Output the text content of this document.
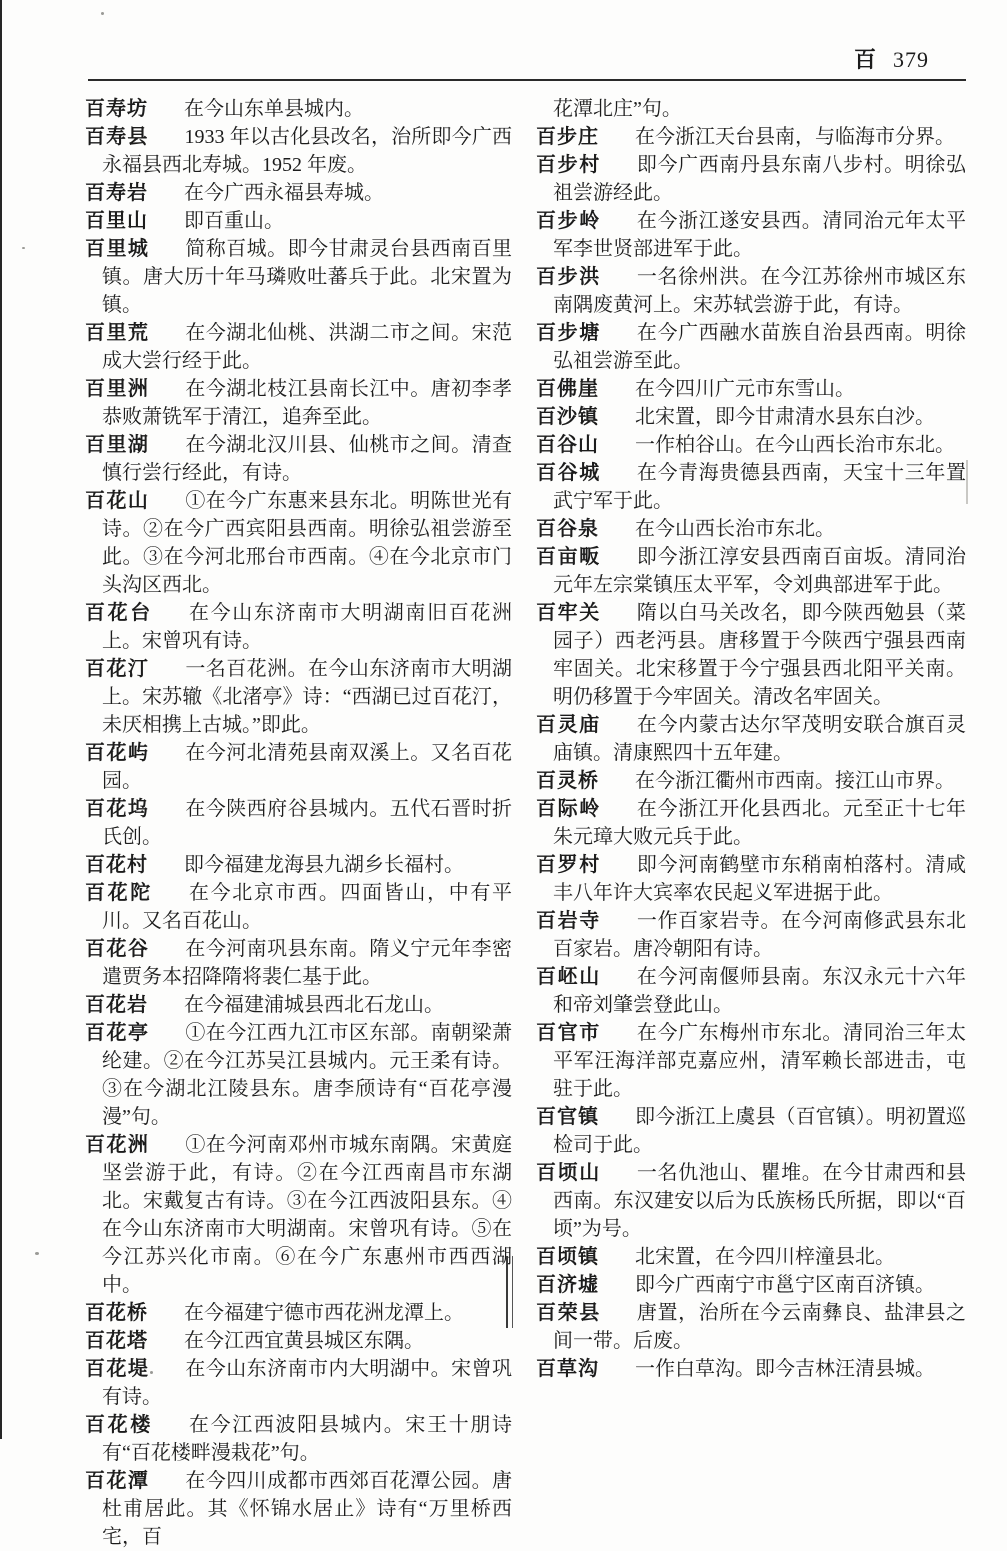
百 379

百寿坊 在今山东单县城内。

百寿县 1933 年以古化县改名，治所即今广西永福县西北寿城。1952 年废。

百寿岩 在今广西永福县寿城。

百里山 即百重山。

百里城 简称百城。即今甘肃灵台县西南百里镇。唐大历十年马璘败吐蕃兵于此。北宋置为镇。

百里荒 在今湖北仙桃、洪湖二市之间。宋范成大尝行经于此。

百里洲 在今湖北枝江县南长江中。唐初李孝恭败萧铣军于清江，追奔至此。

百里湖 在今湖北汉川县、仙桃市之间。清查慎行尝行经此，有诗。

百花山 ①在今广东惠来县东北。明陈世光有诗。②在今广西宾阳县西南。明徐弘祖尝游至此。③在今河北邢台市西南。④在今北京市门头沟区西北。

百花台 在今山东济南市大明湖南旧百花洲上。宋曾巩有诗。

百花汀 一名百花洲。在今山东济南市大明湖上。宋苏辙《北渚亭》诗：“西湖已过百花汀，未厌相携上古城。”即此。

百花屿 在今河北清苑县南双溪上。又名百花园。

百花坞 在今陕西府谷县城内。五代石晋时折氏创。

百花村 即今福建龙海县九湖乡长福村。

百花陀 在今北京市西。四面皆山，中有平川。又名百花山。

百花谷 在今河南巩县东南。隋义宁元年李密遣贾务本招降隋将裴仁基于此。

百花岩 在今福建浦城县西北石龙山。

百花亭 ①在今江西九江市区东部。南朝梁萧纶建。②在今江苏吴江县城内。元王柔有诗。③在今湖北江陵县东。唐李颀诗有“百花亭漫漫”句。

百花洲 ①在今河南邓州市城东南隅。宋黄庭坚尝游于此，有诗。②在今江西南昌市东湖北。宋戴复古有诗。③在今江西波阳县东。④在今山东济南市大明湖南。宋曾巩有诗。⑤在今江苏兴化市南。⑥在今广东惠州市西西湖中。

百花桥 在今福建宁德市西花洲龙潭上。

百花塔 在今江西宜黄县城区东隅。

百花堤 在今山东济南市内大明湖中。宋曾巩有诗。

百花楼 在今江西波阳县城内。宋王十朋诗有“百花楼畔漫栽花”句。

百花潭 在今四川成都市西郊百花潭公园。唐杜甫居此。其《怀锦水居止》诗有“万里桥西宅，百

花潭北庄”句。

百步庄 在今浙江天台县南，与临海市分界。

百步村 即今广西南丹县东南八步村。明徐弘祖尝游经此。

百步岭 在今浙江遂安县西。清同治元年太平军李世贤部进军于此。

百步洪 一名徐州洪。在今江苏徐州市城区东南隅废黄河上。宋苏轼尝游于此，有诗。

百步塘 在今广西融水苗族自治县西南。明徐弘祖尝游至此。

百佛崖 在今四川广元市东雪山。

百沙镇 北宋置，即今甘肃清水县东白沙。

百谷山 一作柏谷山。在今山西长治市东北。

百谷城 在今青海贵德县西南，天宝十三年置武宁军于此。

百谷泉 在今山西长治市东北。

百亩畈 即今浙江淳安县西南百亩坂。清同治元年左宗棠镇压太平军，令刘典部进军于此。

百牢关 隋以白马关改名，即今陕西勉县（菜园子）西老沔县。唐移置于今陕西宁强县西南牢固关。北宋移置于今宁强县西北阳平关南。明仍移置于今牢固关。清改名牢固关。

百灵庙 在今内蒙古达尔罕茂明安联合旗百灵庙镇。清康熙四十五年建。

百灵桥 在今浙江衢州市西南。接江山市界。

百际岭 在今浙江开化县西北。元至正十七年朱元璋大败元兵于此。

百罗村 即今河南鹤壁市东稍南柏落村。清咸丰八年许大宾率农民起义军进据于此。

百岩寺 一作百家岩寺。在今河南修武县东北百家岩。唐冷朝阳有诗。

百岯山 在今河南偃师县南。东汉永元十六年和帝刘肇尝登此山。

百官市 在今广东梅州市东北。清同治三年太平军汪海洋部克嘉应州，清军赖长部进击，屯驻于此。

百官镇 即今浙江上虞县（百官镇）。明初置巡检司于此。

百顷山 一名仇池山、瞿堆。在今甘肃西和县西南。东汉建安以后为氐族杨氏所据，即以“百顷”为号。

百顷镇 北宋置，在今四川梓潼县北。

百济墟 即今广西南宁市邕宁区南百济镇。

百荣县 唐置，治所在今云南彝良、盐津县之间一带。后废。

百草沟 一作白草沟。即今吉林汪清县城。
